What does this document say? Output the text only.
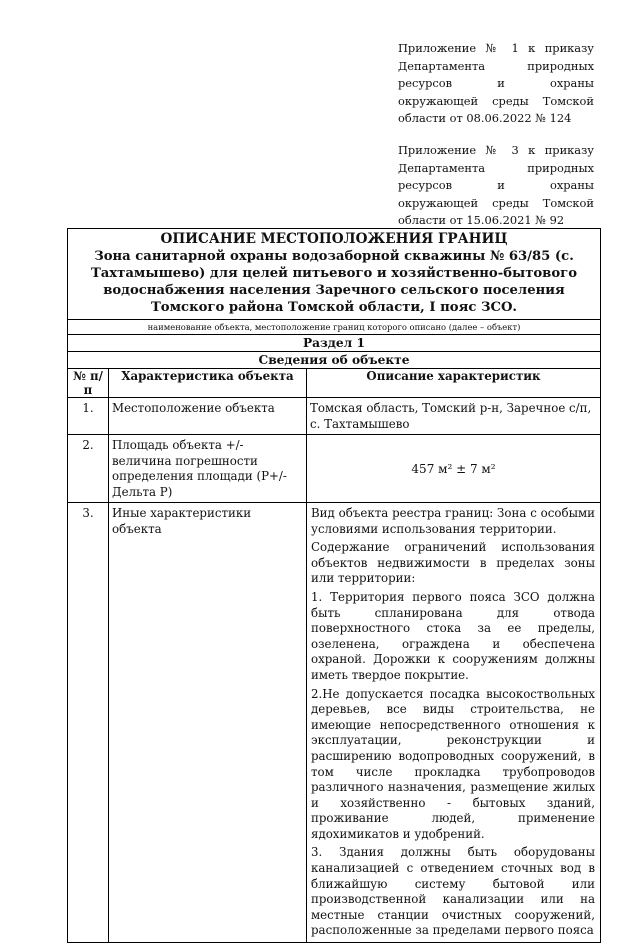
Приложение № 1 к приказу Департамента природных ресурсов и охраны окружающей среды Томской области от 08.06.2022 № 124
Приложение № 3 к приказу Департамента природных ресурсов и охраны окружающей среды Томской области от 15.06.2021 № 92
ОПИСАНИЕ МЕСТОПОЛОЖЕНИЯ ГРАНИЦ
Зона санитарной охраны водозаборной скважины № 63/85 (с. Тахтамышево) для целей питьевого и хозяйственно-бытового водоснабжения населения Заречного сельского поселения Томского района Томской области, I пояс ЗСО.		

наименование объекта, местоположение границ которого описано (далее – объект)		
Раздел 1		
Сведения об объекте		
№ п/п	Характеристика объекта	Описание характеристик
1.	Местоположение объекта	Томская область, Томский р-н, Заречное с/п, с. Тахтамышево
2.	Площадь объекта +/- величина погрешности определения площади (Р+/- Дельта Р)	457 м² ± 7 м²
3.	Иные характеристики объекта	Вид объекта реестра границ: Зона с особыми условиями использования территории.

Содержание ограничений использования объектов недвижимости в пределах зоны или территории:

1. Территория первого пояса ЗСО должна быть спланирована для отвода поверхностного стока за ее пределы, озеленена, ограждена и обеспечена охраной. Дорожки к сооружениям должны иметь твердое покрытие.

2.Не допускается посадка высокоствольных деревьев, все виды строительства, не имеющие непосредственного отношения к эксплуатации, реконструкции и расширению водопроводных сооружений, в том числе прокладка трубопроводов различного назначения, размещение жилых и хозяйственно - бытовых зданий, проживание людей, применение ядохимикатов и удобрений.

3. Здания должны быть оборудованы канализацией с отведением сточных вод в ближайшую систему бытовой или производственной канализации или на местные станции очистных сооружений, расположенные за пределами первого пояса
